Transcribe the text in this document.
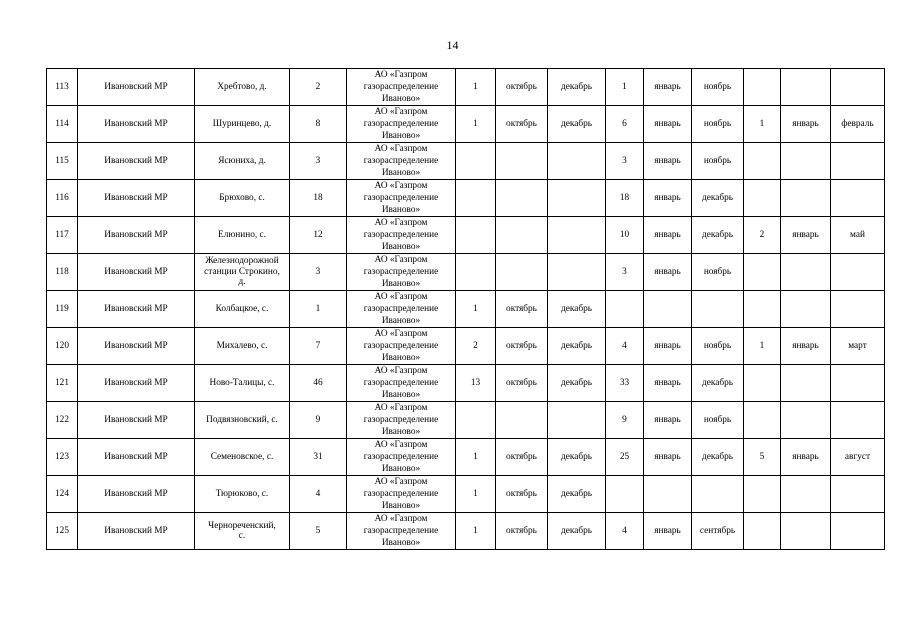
14
113	Ивановский МР	Хребтово, д.	2	АО «Газпром
газораспределение
Иваново»	1	октябрь	декабрь	1	январь	ноябрь			
114	Ивановский МР	Шуринцево, д.	8	АО «Газпром
газораспределение
Иваново»	1	октябрь	декабрь	6	январь	ноябрь	1	январь	февраль
115	Ивановский МР	Ясюниха, д.	3	АО «Газпром
газораспределение
Иваново»				3	январь	ноябрь			
116	Ивановский МР	Брюхово, с.	18	АО «Газпром
газораспределение
Иваново»				18	январь	декабрь			
117	Ивановский МР	Елюнино, с.	12	АО «Газпром
газораспределение
Иваново»				10	январь	декабрь	2	январь	май
118	Ивановский МР	Железнодорожной
станции Строкино,
д.	3	АО «Газпром
газораспределение
Иваново»				3	январь	ноябрь			
119	Ивановский МР	Колбацкое, с.	1	АО «Газпром
газораспределение
Иваново»	1	октябрь	декабрь						
120	Ивановский МР	Михалево, с.	7	АО «Газпром
газораспределение
Иваново»	2	октябрь	декабрь	4	январь	ноябрь	1	январь	март
121	Ивановский МР	Ново-Талицы, с.	46	АО «Газпром
газораспределение
Иваново»	13	октябрь	декабрь	33	январь	декабрь			
122	Ивановский МР	Подвязновский, с.	9	АО «Газпром
газораспределение
Иваново»				9	январь	ноябрь			
123	Ивановский МР	Семеновское, с.	31	АО «Газпром
газораспределение
Иваново»	1	октябрь	декабрь	25	январь	декабрь	5	январь	август
124	Ивановский МР	Тюрюково, с.	4	АО «Газпром
газораспределение
Иваново»	1	октябрь	декабрь						
125	Ивановский МР	Чернореченский,
с.	5	АО «Газпром
газораспределение
Иваново»	1	октябрь	декабрь	4	январь	сентябрь			
